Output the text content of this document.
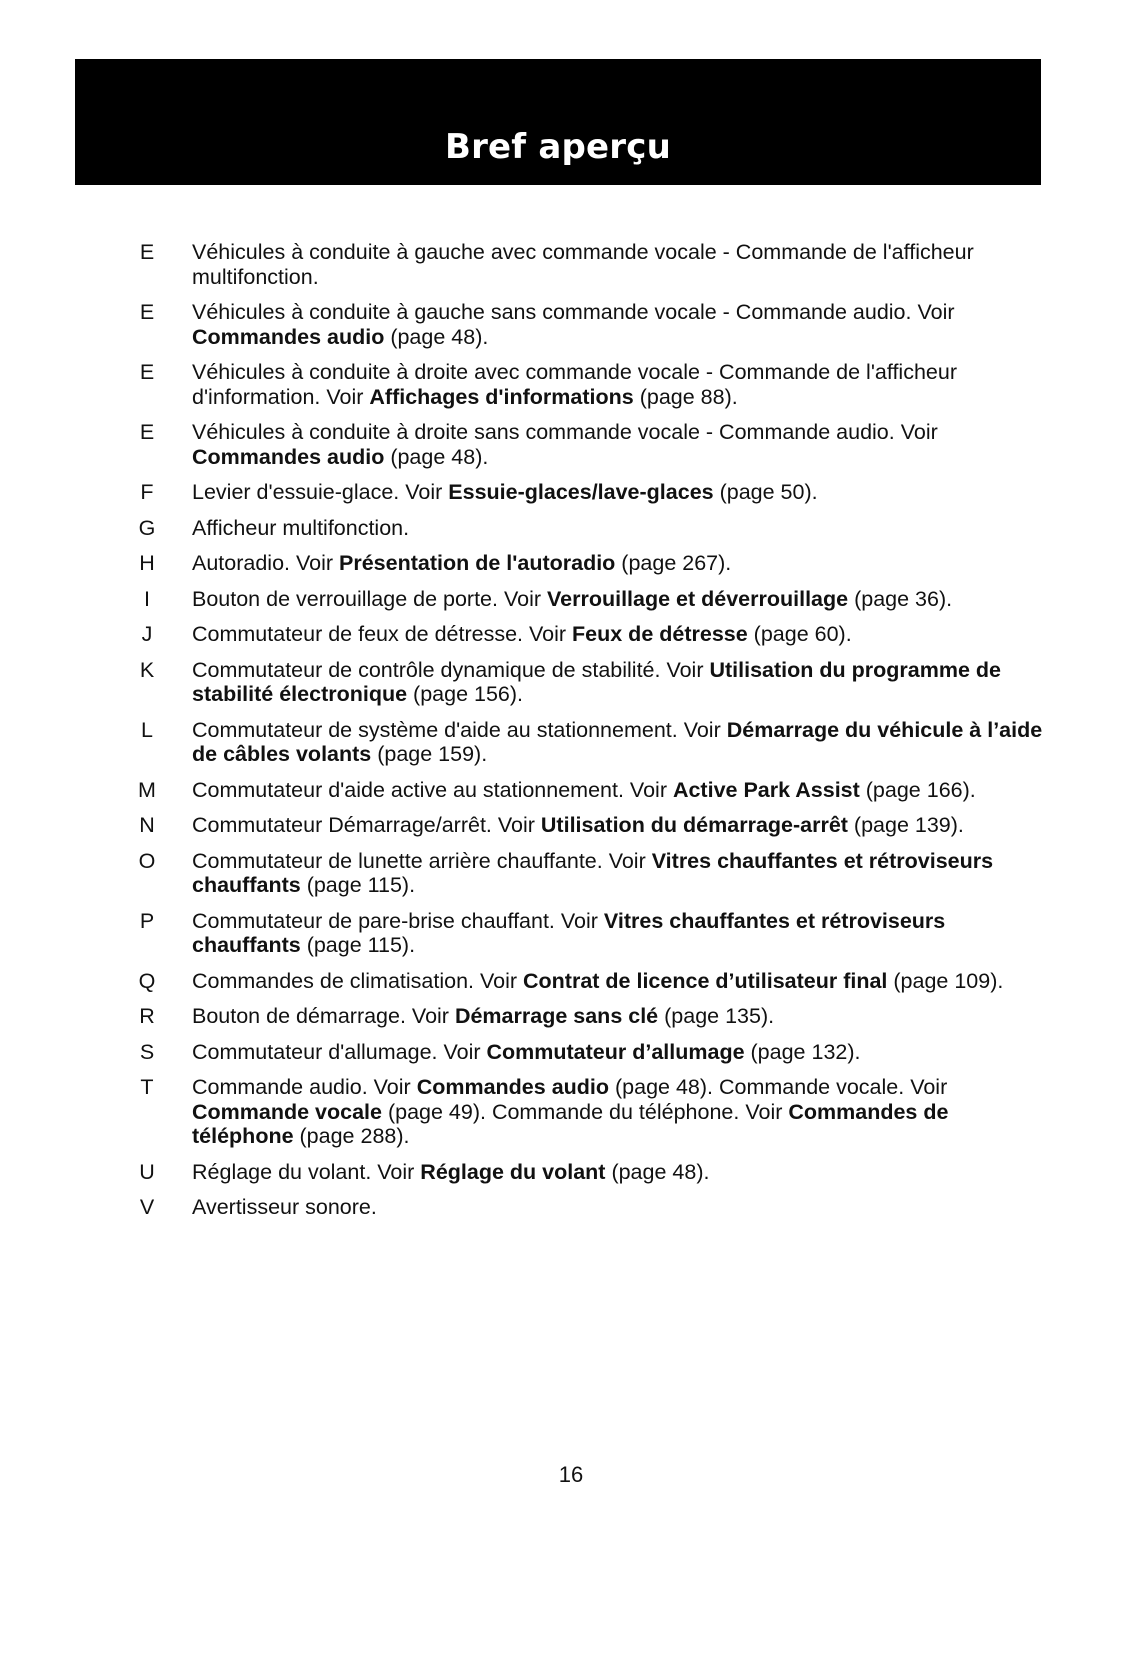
Bref aperçu
E	Véhicules à conduite à gauche avec commande vocale - Commande de l'afficheur multifonction.
E	Véhicules à conduite à gauche sans commande vocale - Commande audio. Voir Commandes audio (page 48).
E	Véhicules à conduite à droite avec commande vocale - Commande de l'afficheur d'information. Voir Affichages d'informations (page 88).
E	Véhicules à conduite à droite sans commande vocale - Commande audio. Voir Commandes audio (page 48).
F	Levier d'essuie-glace. Voir Essuie-glaces/lave-glaces (page 50).
G	Afficheur multifonction.
H	Autoradio. Voir Présentation de l'autoradio (page 267).
I	Bouton de verrouillage de porte. Voir Verrouillage et déverrouillage (page 36).
J	Commutateur de feux de détresse. Voir Feux de détresse (page 60).
K	Commutateur de contrôle dynamique de stabilité. Voir Utilisation du programme de stabilité électronique (page 156).
L	Commutateur de système d'aide au stationnement. Voir Démarrage du véhicule à l’aide de câbles volants (page 159).
M	Commutateur d'aide active au stationnement. Voir Active Park Assist (page 166).
N	Commutateur Démarrage/arrêt. Voir Utilisation du démarrage-arrêt (page 139).
O	Commutateur de lunette arrière chauffante. Voir Vitres chauffantes et rétroviseurs chauffants (page 115).
P	Commutateur de pare-brise chauffant. Voir Vitres chauffantes et rétroviseurs chauffants (page 115).
Q	Commandes de climatisation. Voir Contrat de licence d’utilisateur final (page 109).
R	Bouton de démarrage. Voir Démarrage sans clé (page 135).
S	Commutateur d'allumage. Voir Commutateur d’allumage (page 132).
T	Commande audio. Voir Commandes audio (page 48). Commande vocale. Voir Commande vocale (page 49). Commande du téléphone. Voir Commandes de téléphone (page 288).
U	Réglage du volant. Voir Réglage du volant (page 48).
V	Avertisseur sonore.
16
